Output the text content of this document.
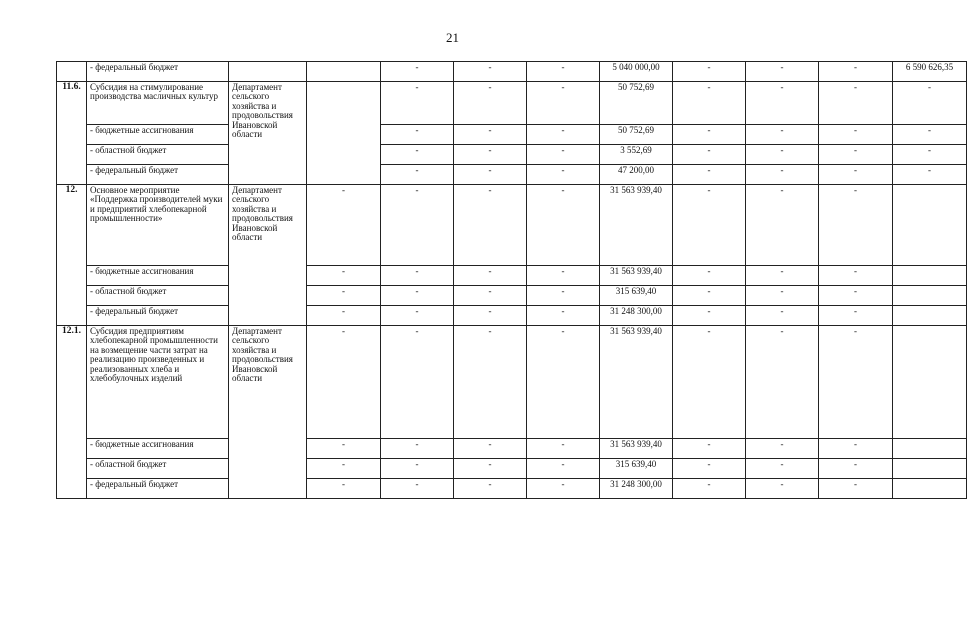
21
	- федеральный бюджет			-	-	-	5 040 000,00	-	-	-	6 590 626,35
11.6.	Субсидия на стимулирование производства масличных культур	Департамент сельского хозяйства и продовольствия Ивановской области		-	-	-	50 752,69	-	-	-	-
	- бюджетные ассигнования			-	-	-	50 752,69	-	-	-	-
	- областной бюджет			-	-	-	3 552,69	-	-	-	-
	- федеральный бюджет			-	-	-	47 200,00	-	-	-	-
12.	Основное мероприятие «Поддержка производителей муки и предприятий хлебопекарной промышленности»	Департамент сельского хозяйства и продовольствия Ивановской области	-	-	-	-	31 563 939,40	-	-	-	
	- бюджетные ассигнования		-	-	-	-	31 563 939,40	-	-	-	
	- областной бюджет		-	-	-	-	315 639,40	-	-	-	
	- федеральный бюджет		-	-	-	-	31 248 300,00	-	-	-	
12.1.	Субсидия предприятиям хлебопекарной промышленности на возмещение части затрат на реализацию произведенных и реализованных хлеба и хлебобулочных изделий	Департамент сельского хозяйства и продовольствия Ивановской области	-	-	-	-	31 563 939,40	-	-	-	
	- бюджетные ассигнования		-	-	-	-	31 563 939,40	-	-	-	
	- областной бюджет		-	-	-	-	315 639,40	-	-	-	
	- федеральный бюджет		-	-	-	-	31 248 300,00	-	-	-	
